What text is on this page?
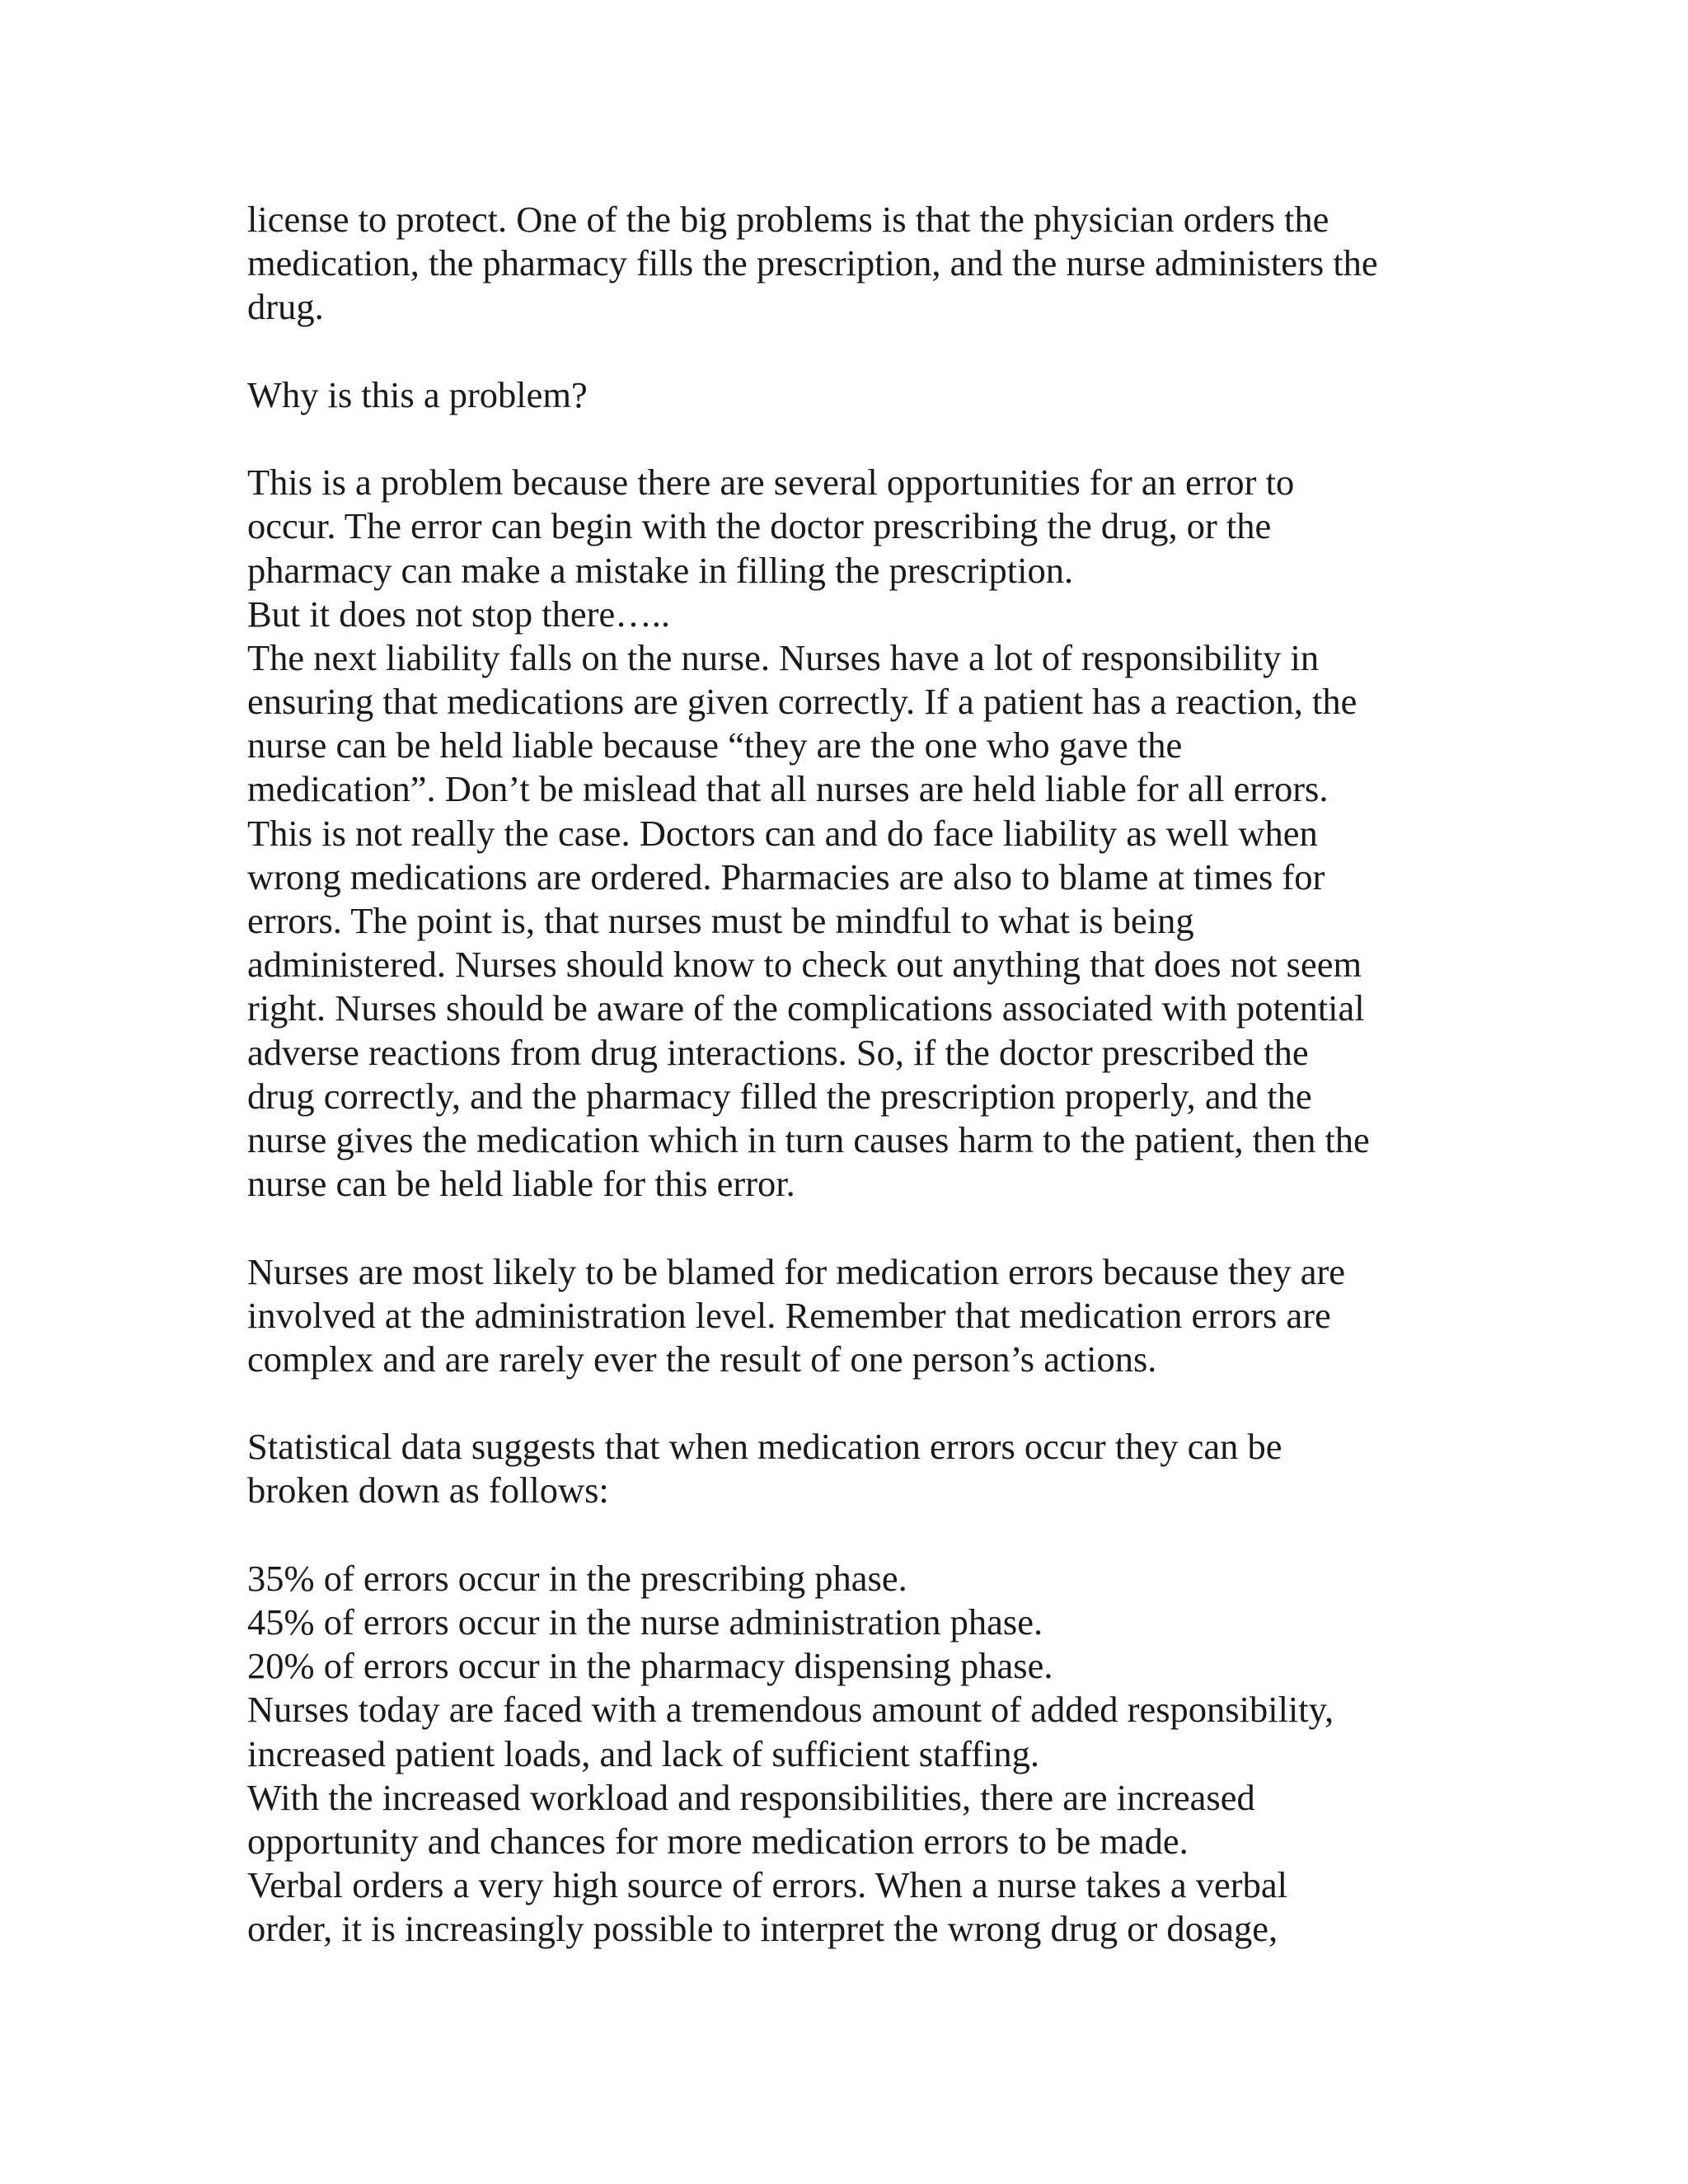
license to protect. One of the big problems is that the physician orders the
medication, the pharmacy fills the prescription, and the nurse administers the
drug.
Why is this a problem?
This is a problem because there are several opportunities for an error to
occur. The error can begin with the doctor prescribing the drug, or the
pharmacy can make a mistake in filling the prescription.
But it does not stop there…..
The next liability falls on the nurse. Nurses have a lot of responsibility in
ensuring that medications are given correctly. If a patient has a reaction, the
nurse can be held liable because “they are the one who gave the
medication”. Don’t be mislead that all nurses are held liable for all errors.
This is not really the case. Doctors can and do face liability as well when
wrong medications are ordered. Pharmacies are also to blame at times for
errors. The point is, that nurses must be mindful to what is being
administered. Nurses should know to check out anything that does not seem
right. Nurses should be aware of the complications associated with potential
adverse reactions from drug interactions. So, if the doctor prescribed the
drug correctly, and the pharmacy filled the prescription properly, and the
nurse gives the medication which in turn causes harm to the patient, then the
nurse can be held liable for this error.
Nurses are most likely to be blamed for medication errors because they are
involved at the administration level. Remember that medication errors are
complex and are rarely ever the result of one person’s actions.
Statistical data suggests that when medication errors occur they can be
broken down as follows:
35% of errors occur in the prescribing phase.
45% of errors occur in the nurse administration phase.
20% of errors occur in the pharmacy dispensing phase.
Nurses today are faced with a tremendous amount of added responsibility,
increased patient loads, and lack of sufficient staffing.
With the increased workload and responsibilities, there are increased
opportunity and chances for more medication errors to be made.
Verbal orders a very high source of errors. When a nurse takes a verbal
order, it is increasingly possible to interpret the wrong drug or dosage,
